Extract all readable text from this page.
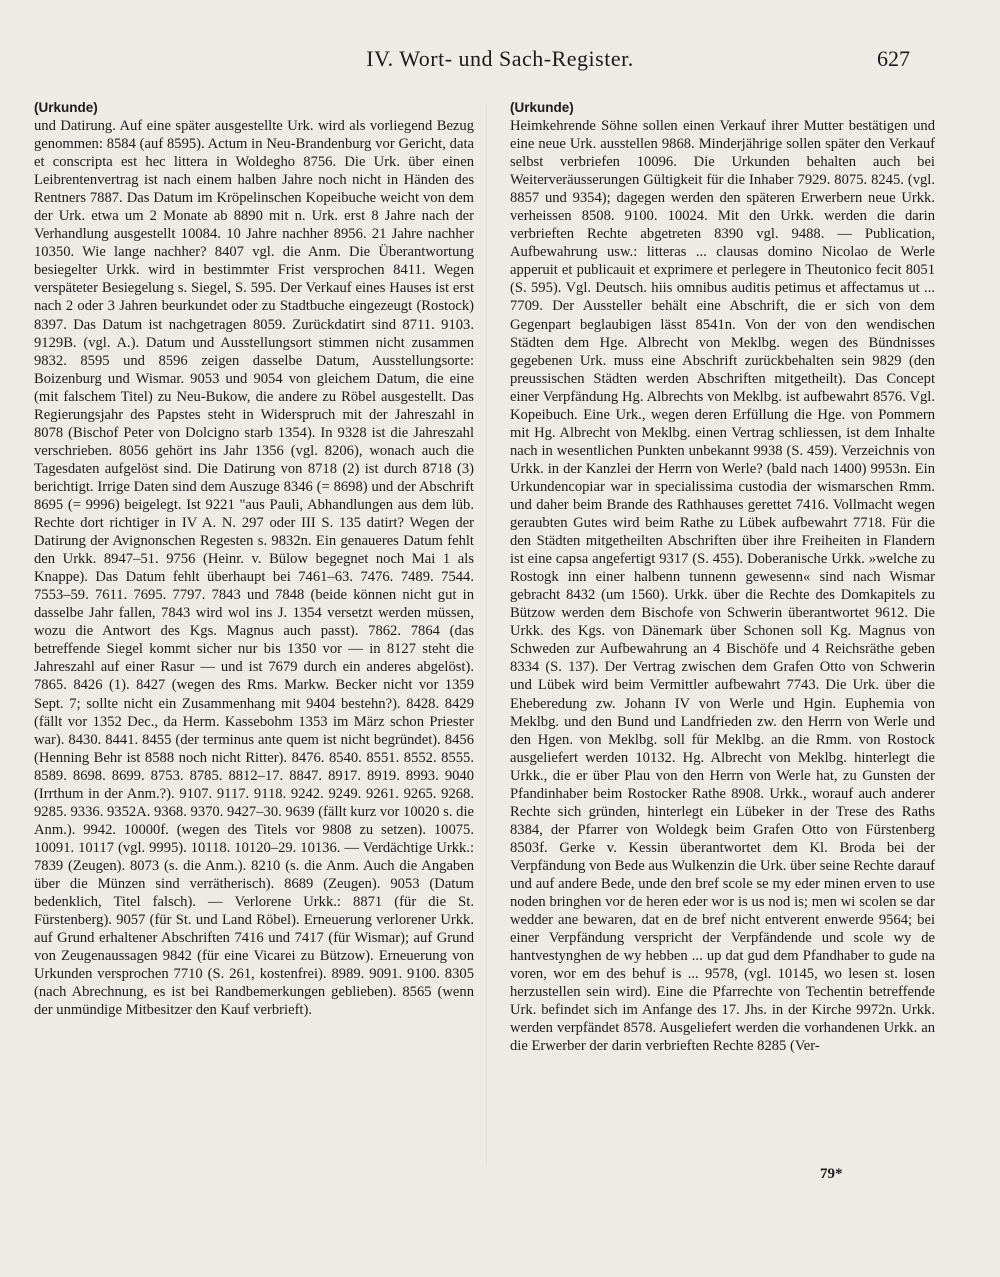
IV. Wort- und Sach-Register.	627
(Urkunde)
und Datirung. Auf eine später ausgestellte Urk. wird als vorliegend Bezug genommen: 8584 (auf 8595). Actum in Neu-Brandenburg vor Gericht, data et conscripta est hec littera in Woldegho 8756. Die Urk. über einen Leibrentenvertrag ist nach einem halben Jahre noch nicht in Händen des Rentners 7887. Das Datum im Kröpelinschen Kopeibuche weicht von dem der Urk. etwa um 2 Monate ab 8890 mit n. Urk. erst 8 Jahre nach der Verhandlung ausgestellt 10084. 10 Jahre nachher 8956. 21 Jahre nachher 10350. Wie lange nachher? 8407 vgl. die Anm. Die Überantwortung besiegelter Urkk. wird in bestimmter Frist versprochen 8411. Wegen verspäteter Besiegelung s. Siegel, S. 595. Der Verkauf eines Hauses ist erst nach 2 oder 3 Jahren beurkundet oder zu Stadtbuche eingezeugt (Rostock) 8397. Das Datum ist nachgetragen 8059. Zurückdatirt sind 8711. 9103. 9129B. (vgl. A.). Datum und Ausstellungsort stimmen nicht zusammen 9832. 8595 und 8596 zeigen dasselbe Datum, Ausstellungsorte: Boizenburg und Wismar. 9053 und 9054 von gleichem Datum, die eine (mit falschem Titel) zu Neu-Bukow, die andere zu Röbel ausgestellt. Das Regierungsjahr des Papstes steht in Widerspruch mit der Jahreszahl in 8078 (Bischof Peter von Dolcigno starb 1354). In 9328 ist die Jahreszahl verschrieben. 8056 gehört ins Jahr 1356 (vgl. 8206), wonach auch die Tagesdaten aufgelöst sind. Die Datirung von 8718 (2) ist durch 8718 (3) berichtigt. Irrige Daten sind dem Auszuge 8346 (= 8698) und der Abschrift 8695 (= 9996) beigelegt. Ist 9221 "aus Pauli, Abhandlungen aus dem lüb. Rechte dort richtiger in IV A. N. 297 oder III S. 135 datirt? Wegen der Datirung der Avignonschen Regesten s. 9832n. Ein genaueres Datum fehlt den Urkk. 8947–51. 9756 (Heinr. v. Bülow begegnet noch Mai 1 als Knappe). Das Datum fehlt überhaupt bei 7461–63. 7476. 7489. 7544. 7553–59. 7611. 7695. 7797. 7843 und 7848 (beide können nicht gut in dasselbe Jahr fallen, 7843 wird wol ins J. 1354 versetzt werden müssen, wozu die Antwort des Kgs. Magnus auch passt). 7862. 7864 (das betreffende Siegel kommt sicher nur bis 1350 vor — in 8127 steht die Jahreszahl auf einer Rasur — und ist 7679 durch ein anderes abgelöst). 7865. 8426 (1). 8427 (wegen des Rms. Markw. Becker nicht vor 1359 Sept. 7; sollte nicht ein Zusammenhang mit 9404 bestehn?). 8428. 8429 (fällt vor 1352 Dec., da Herm. Kassebohm 1353 im März schon Priester war). 8430. 8441. 8455 (der terminus ante quem ist nicht begründet). 8456 (Henning Behr ist 8588 noch nicht Ritter). 8476. 8540. 8551. 8552. 8555. 8589. 8698. 8699. 8753. 8785. 8812–17. 8847. 8917. 8919. 8993. 9040 (Irrthum in der Anm.?). 9107. 9117. 9118. 9242. 9249. 9261. 9265. 9268. 9285. 9336. 9352A. 9368. 9370. 9427–30. 9639 (fällt kurz vor 10020 s. die Anm.). 9942. 10000f. (wegen des Titels vor 9808 zu setzen). 10075. 10091. 10117 (vgl. 9995). 10118. 10120–29. 10136. — Verdächtige Urkk.: 7839 (Zeugen). 8073 (s. die Anm.). 8210 (s. die Anm. Auch die Angaben über die Münzen sind verrätherisch). 8689 (Zeugen). 9053 (Datum bedenklich, Titel falsch). — Verlorene Urkk.: 8871 (für die St. Fürstenberg). 9057 (für St. und Land Röbel). Erneuerung verlorener Urkk. auf Grund erhaltener Abschriften 7416 und 7417 (für Wismar); auf Grund von Zeugenaussagen 9842 (für eine Vicarei zu Bützow). Erneuerung von Urkunden versprochen 7710 (S. 261, kostenfrei). 8989. 9091. 9100. 8305 (nach Abrechnung, es ist bei Randbemerkungen geblieben). 8565 (wenn der unmündige Mitbesitzer den Kauf verbrieft).
(Urkunde)
Heimkehrende Söhne sollen einen Verkauf ihrer Mutter bestätigen und eine neue Urk. ausstellen 9868. Minderjährige sollen später den Verkauf selbst verbriefen 10096. Die Urkunden behalten auch bei Weiterveräusserungen Gültigkeit für die Inhaber 7929. 8075. 8245. (vgl. 8857 und 9354); dagegen werden den späteren Erwerbern neue Urkk. verheissen 8508. 9100. 10024. Mit den Urkk. werden die darin verbrieften Rechte abgetreten 8390 vgl. 9488. — Publication, Aufbewahrung usw.: litteras ... clausas domino Nicolao de Werle apperuit et publicauit et exprimere et perlegere in Theutonico fecit 8051 (S. 595). Vgl. Deutsch. hiis omnibus auditis petimus et affectamus ut ... 7709. Der Aussteller behält eine Abschrift, die er sich von dem Gegenpart beglaubigen lässt 8541n. Von der von den wendischen Städten dem Hge. Albrecht von Meklbg. wegen des Bündnisses gegebenen Urk. muss eine Abschrift zurückbehalten sein 9829 (den preussischen Städten werden Abschriften mitgetheilt). Das Concept einer Verpfändung Hg. Albrechts von Meklbg. ist aufbewahrt 8576. Vgl. Kopeibuch. Eine Urk., wegen deren Erfüllung die Hge. von Pommern mit Hg. Albrecht von Meklbg. einen Vertrag schliessen, ist dem Inhalte nach in wesentlichen Punkten unbekannt 9938 (S. 459). Verzeichnis von Urkk. in der Kanzlei der Herrn von Werle? (bald nach 1400) 9953n. Ein Urkundencopiar war in specialissima custodia der wismarschen Rmm. und daher beim Brande des Rathhauses gerettet 7416. Vollmacht wegen geraubten Gutes wird beim Rathe zu Lübek aufbewahrt 7718. Für die den Städten mitgetheilten Abschriften über ihre Freiheiten in Flandern ist eine capsa angefertigt 9317 (S. 455). Doberanische Urkk. »welche zu Rostogk inn einer halbenn tunnenn gewesenn« sind nach Wismar gebracht 8432 (um 1560). Urkk. über die Rechte des Domkapitels zu Bützow werden dem Bischofe von Schwerin überantwortet 9612. Die Urkk. des Kgs. von Dänemark über Schonen soll Kg. Magnus von Schweden zur Aufbewahrung an 4 Bischöfe und 4 Reichsräthe geben 8334 (S. 137). Der Vertrag zwischen dem Grafen Otto von Schwerin und Lübek wird beim Vermittler aufbewahrt 7743. Die Urk. über die Eheberedung zw. Johann IV von Werle und Hgin. Euphemia von Meklbg. und den Bund und Landfrieden zw. den Herrn von Werle und den Hgen. von Meklbg. soll für Meklbg. an die Rmm. von Rostock ausgeliefert werden 10132. Hg. Albrecht von Meklbg. hinterlegt die Urkk., die er über Plau von den Herrn von Werle hat, zu Gunsten der Pfandinhaber beim Rostocker Rathe 8908. Urkk., worauf auch anderer Rechte sich gründen, hinterlegt ein Lübeker in der Trese des Raths 8384, der Pfarrer von Woldegk beim Grafen Otto von Fürstenberg 8503f. Gerke v. Kessin überantwortet dem Kl. Broda bei der Verpfändung von Bede aus Wulkenzin die Urk. über seine Rechte darauf und auf andere Bede, unde den bref scole se my eder minen erven to use noden bringhen vor de heren eder wor is us nod is; men wi scolen se dar wedder ane bewaren, dat en de bref nicht entverent enwerde 9564; bei einer Verpfändung verspricht der Verpfändende und scole wy de hantvestynghen de wy hebben ... up dat gud dem Pfandhaber to gude na voren, wor em des behuf is ... 9578, (vgl. 10145, wo lesen st. losen herzustellen sein wird). Eine die Pfarrechte von Techentin betreffende Urk. befindet sich im Anfange des 17. Jhs. in der Kirche 9972n. Urkk. werden verpfändet 8578. Ausgeliefert werden die vorhandenen Urkk. an die Erwerber der darin verbrieften Rechte 8285 (Ver-
79*
